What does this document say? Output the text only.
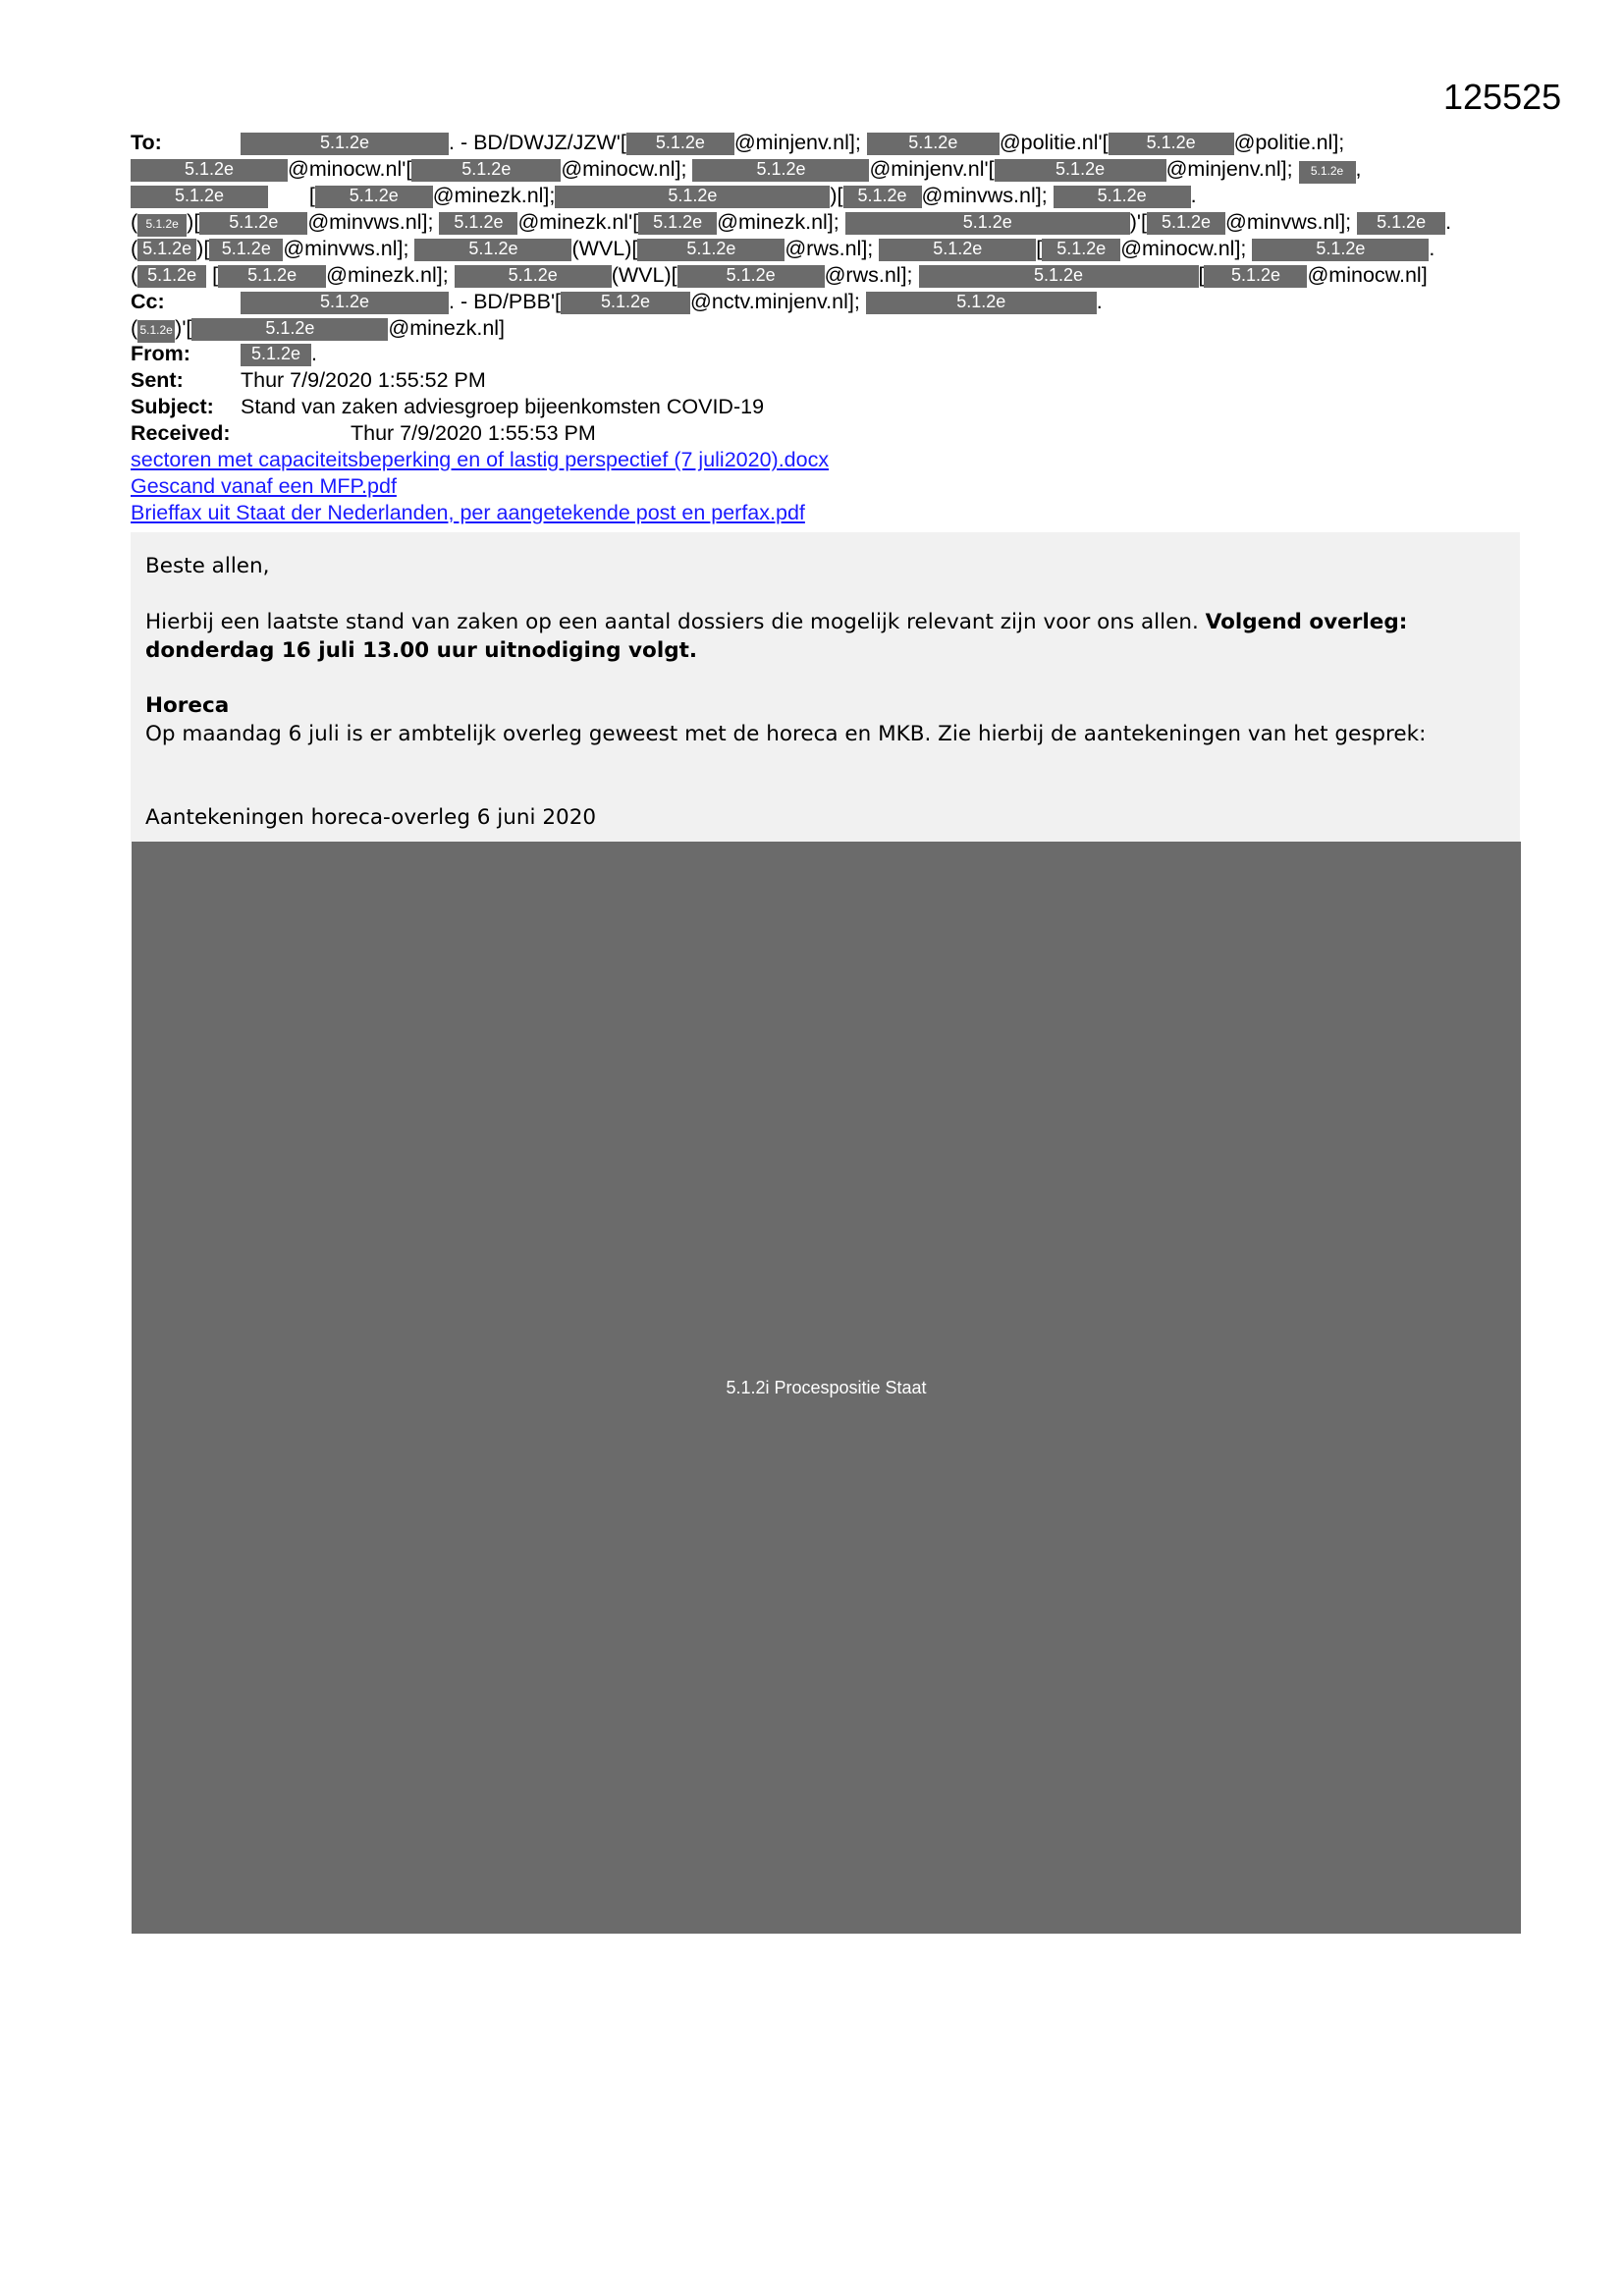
125525
To:	5.1.2e	. - BD/DWJZ/JZW'[ 5.1.2e @minjenv.nl];	5.1.2e @politie.nl'[ 5.1.2e @politie.nl];
5.1.2e	@minocw.nl'[	5.1.2e @minocw.nl];	5.1.2e	@minjenv.nl'[	5.1.2e	@minjenv.nl]; 5.1.2e ,
5.1.2e       [ 5.1.2e @minezk.nl];	5.1.2e	)[ 5.1.2e @minvws.nl];	5.1.2e .
( 5.1.2e )[ 5.1.2e @minvws.nl]; 5.1.2e @minezk.nl'[ 5.1.2e @minezk.nl];	5.1.2e	)'[ 5.1.2e @minvws.nl]; 5.1.2e .
( 5.1.2e )[ 5.1.2e @minvws.nl];	5.1.2e	(WVL)[	5.1.2e @rws.nl];	5.1.2e	[ 5.1.2e @minocw.nl];	5.1.2e	.
( 5.1.2e [ 5.1.2e @minezk.nl];	5.1.2e	(WVL)[	5.1.2e @rws.nl];	5.1.2e	[ 5.1.2e @minocw.nl]
Cc:	5.1.2e	. - BD/PBB'[ 5.1.2e @nctv.minjenv.nl];	5.1.2e	.
( 5.1.2e )'[	5.1.2e	@minezk.nl]
From:	5.1.2e .
Sent:	Thur 7/9/2020 1:55:52 PM
Subject: Stand van zaken adviesgroep bijeenkomsten COVID-19
Received:	Thur 7/9/2020 1:55:53 PM
sectoren met capaciteitsbeperking en of lastig perspectief (7 juli2020).docx
Gescand vanaf een MFP.pdf
Brieffax uit Staat der Nederlanden, per aangetekende post en perfax.pdf
Beste allen,
Hierbij een laatste stand van zaken op een aantal dossiers die mogelijk relevant zijn voor ons allen. Volgend overleg: donderdag 16 juli 13.00 uur uitnodiging volgt.
Horeca
Op maandag 6 juli is er ambtelijk overleg geweest met de horeca en MKB. Zie hierbij de aantekeningen van het gesprek:
Aantekeningen horeca-overleg 6 juni 2020
5.1.2i Procespositie Staat
